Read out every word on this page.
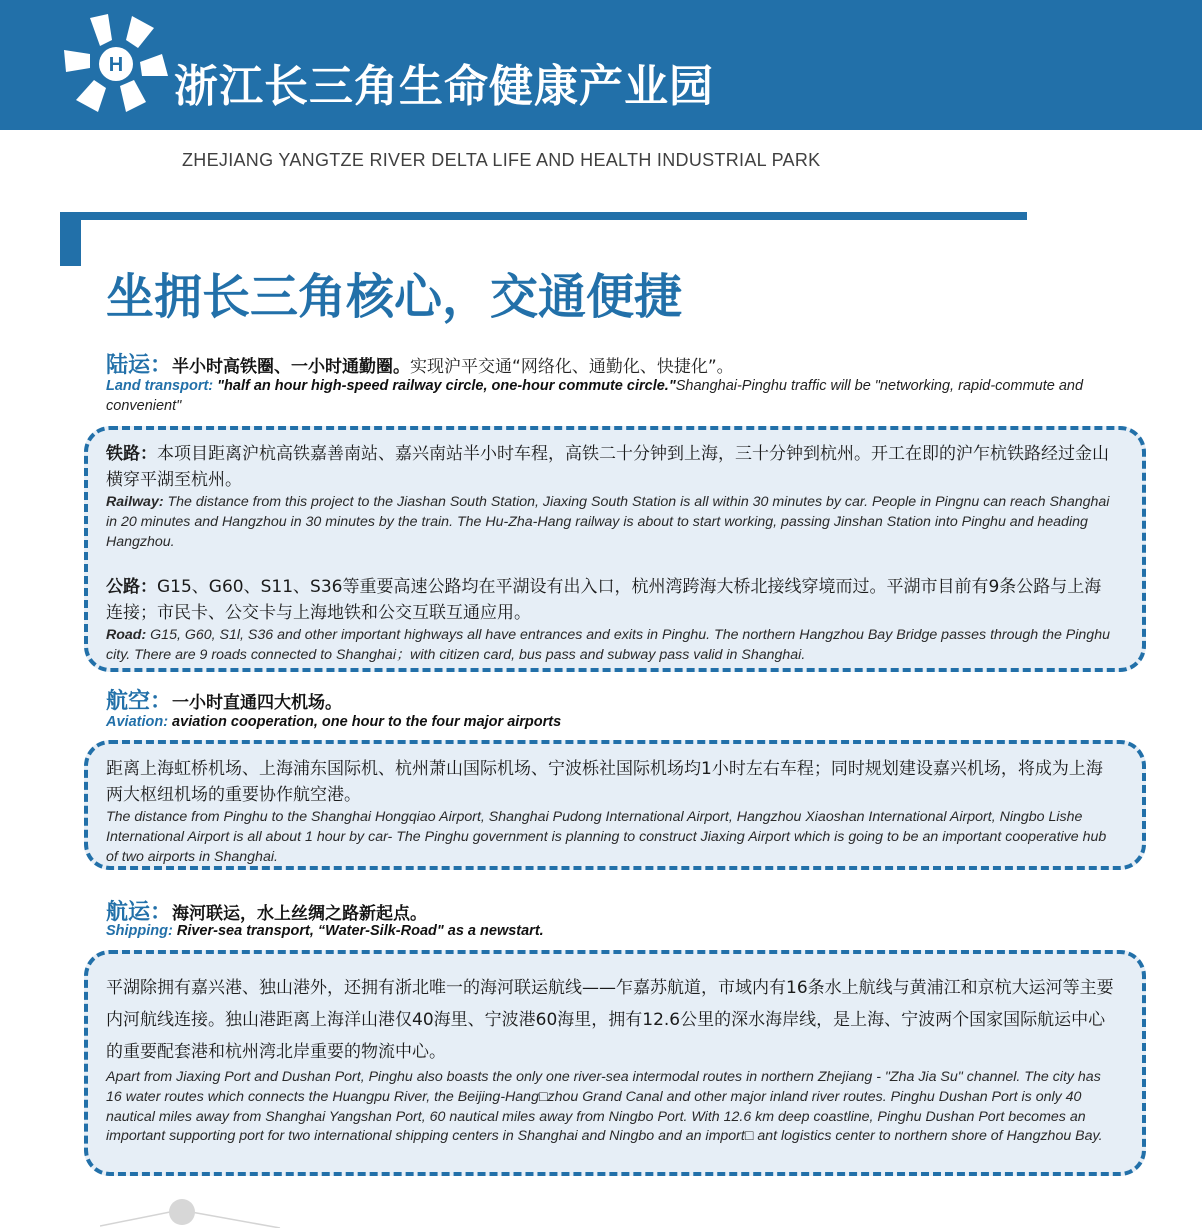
H 浙江长三角生命健康产业园
ZHEJIANG YANGTZE RIVER DELTA LIFE AND HEALTH INDUSTRIAL PARK
坐拥长三角核心，交通便捷
陆运：半小时高铁圈、一小时通勤圈。实现沪平交通“网络化、通勤化、快捷化”。
Land transport: "half an hour high-speed railway circle, one-hour commute circle."Shanghai-Pinghu traffic will be "networking, rapid-commute and convenient"
铁路：本项目距离沪杭高铁嘉善南站、嘉兴南站半小时车程，高铁二十分钟到上海，三十分钟到杭州。开工在即的沪乍杭铁路经过金山横穿平湖至杭州。
Railway: The distance from this project to the Jiashan South Station, Jiaxing South Station is all within 30 minutes by car. People in Pingnu can reach Shanghai in 20 minutes and Hangzhou in 30 minutes by the train. The Hu-Zha-Hang railway is about to start working, passing Jinshan Station into Pinghu and heading Hangzhou.
公路：G15、G60、S11、S36等重要高速公路均在平湖设有出入口，杭州湾跨海大桥北接线穿境而过。平湖市目前有9条公路与上海连接；市民卡、公交卡与上海地铁和公交互联互通应用。
Road: G15, G60, S1l, S36 and other important highways all have entrances and exits in Pinghu. The northern Hangzhou Bay Bridge passes through the Pinghu city. There are 9 roads connected to Shanghai；with citizen card, bus pass and subway pass valid in Shanghai.
航空：一小时直通四大机场。
Aviation: aviation cooperation, one hour to the four major airports
距离上海虹桥机场、上海浦东国际机、杭州萧山国际机场、宁波栎社国际机场均1小时左右车程；同时规划建设嘉兴机场，将成为上海两大枢纽机场的重要协作航空港。
The distance from Pinghu to the Shanghai Hongqiao Airport, Shanghai Pudong International Airport, Hangzhou Xiaoshan International Airport, Ningbo Lishe International Airport is all about 1 hour by car- The Pinghu government is planning to construct Jiaxing Airport which is going to be an important cooperative hub of two airports in Shanghai.
航运：海河联运，水上丝绸之路新起点。
Shipping: River-sea transport, “Water-Silk-Road" as a newstart.
平湖除拥有嘉兴港、独山港外，还拥有浙北唯一的海河联运航线——乍嘉苏航道，市域内有16条水上航线与黄浦江和京杭大运河等主要内河航线连接。独山港距离上海洋山港仅40海里、宁波港60海里，拥有12.6公里的深水海岸线，是上海、宁波两个国家国际航运中心的重要配套港和杭州湾北岸重要的物流中心。
Apart from Jiaxing Port and Dushan Port, Pinghu also boasts the only one river-sea intermodal routes in northern Zhejiang - "Zha Jia Su" channel. The city has 16 water routes which connects the Huangpu River, the Beijing-Hang□zhou Grand Canal and other major inland river routes. Pinghu Dushan Port is only 40 nautical miles away from Shanghai Yangshan Port, 60 nautical miles away from Ningbo Port. With 12.6 km deep coastline, Pinghu Dushan Port becomes an important supporting port for two international shipping centers in Shanghai and Ningbo and an import□ ant logistics center to northern shore of Hangzhou Bay.
